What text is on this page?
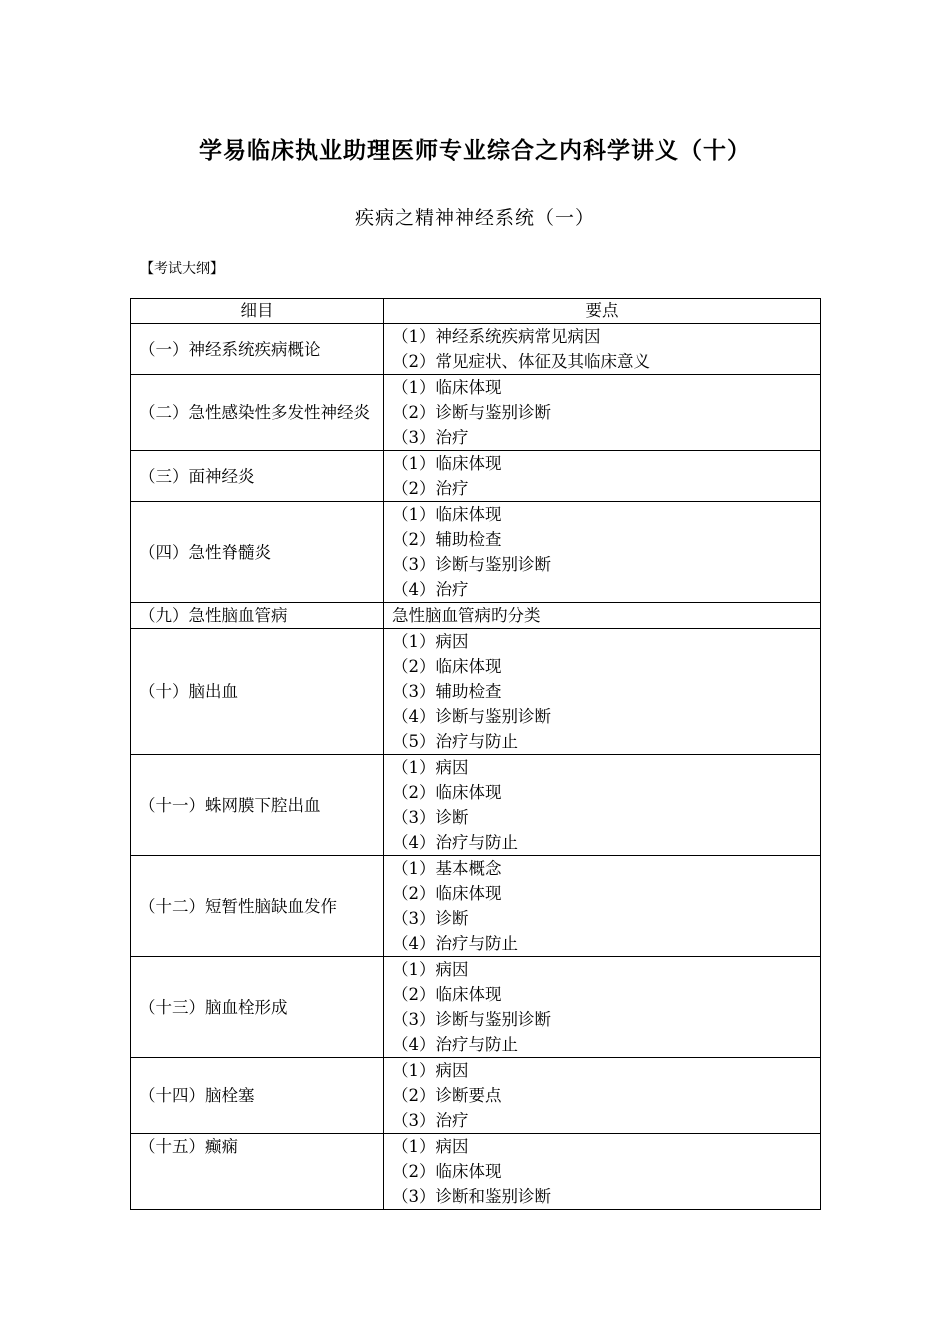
学易临床执业助理医师专业综合之内科学讲义（十）
疾病之精神神经系统（一）
【考试大纲】
细目	要点
（一）神经系统疾病概论	（1）神经系统疾病常见病因
（2）常见症状、体征及其临床意义

（二）急性感染性多发性神经炎	（1）临床体现
（2）诊断与鉴别诊断
（3）治疗

（三）面神经炎	（1）临床体现
（2）治疗

（四）急性脊髓炎	（1）临床体现
（2）辅助检查
（3）诊断与鉴别诊断
（4）治疗

（九）急性脑血管病	急性脑血管病旳分类

（十）脑出血	（1）病因
（2）临床体现
（3）辅助检查
（4）诊断与鉴别诊断
（5）治疗与防止

（十一）蛛网膜下腔出血	（1）病因
（2）临床体现
（3）诊断
（4）治疗与防止

（十二）短暂性脑缺血发作	（1）基本概念
（2）临床体现
（3）诊断
（4）治疗与防止

（十三）脑血栓形成	（1）病因
（2）临床体现
（3）诊断与鉴别诊断
（4）治疗与防止

（十四）脑栓塞	（1）病因
（2）诊断要点
（3）治疗

（十五）癫痫	（1）病因
（2）临床体现
（3）诊断和鉴别诊断
